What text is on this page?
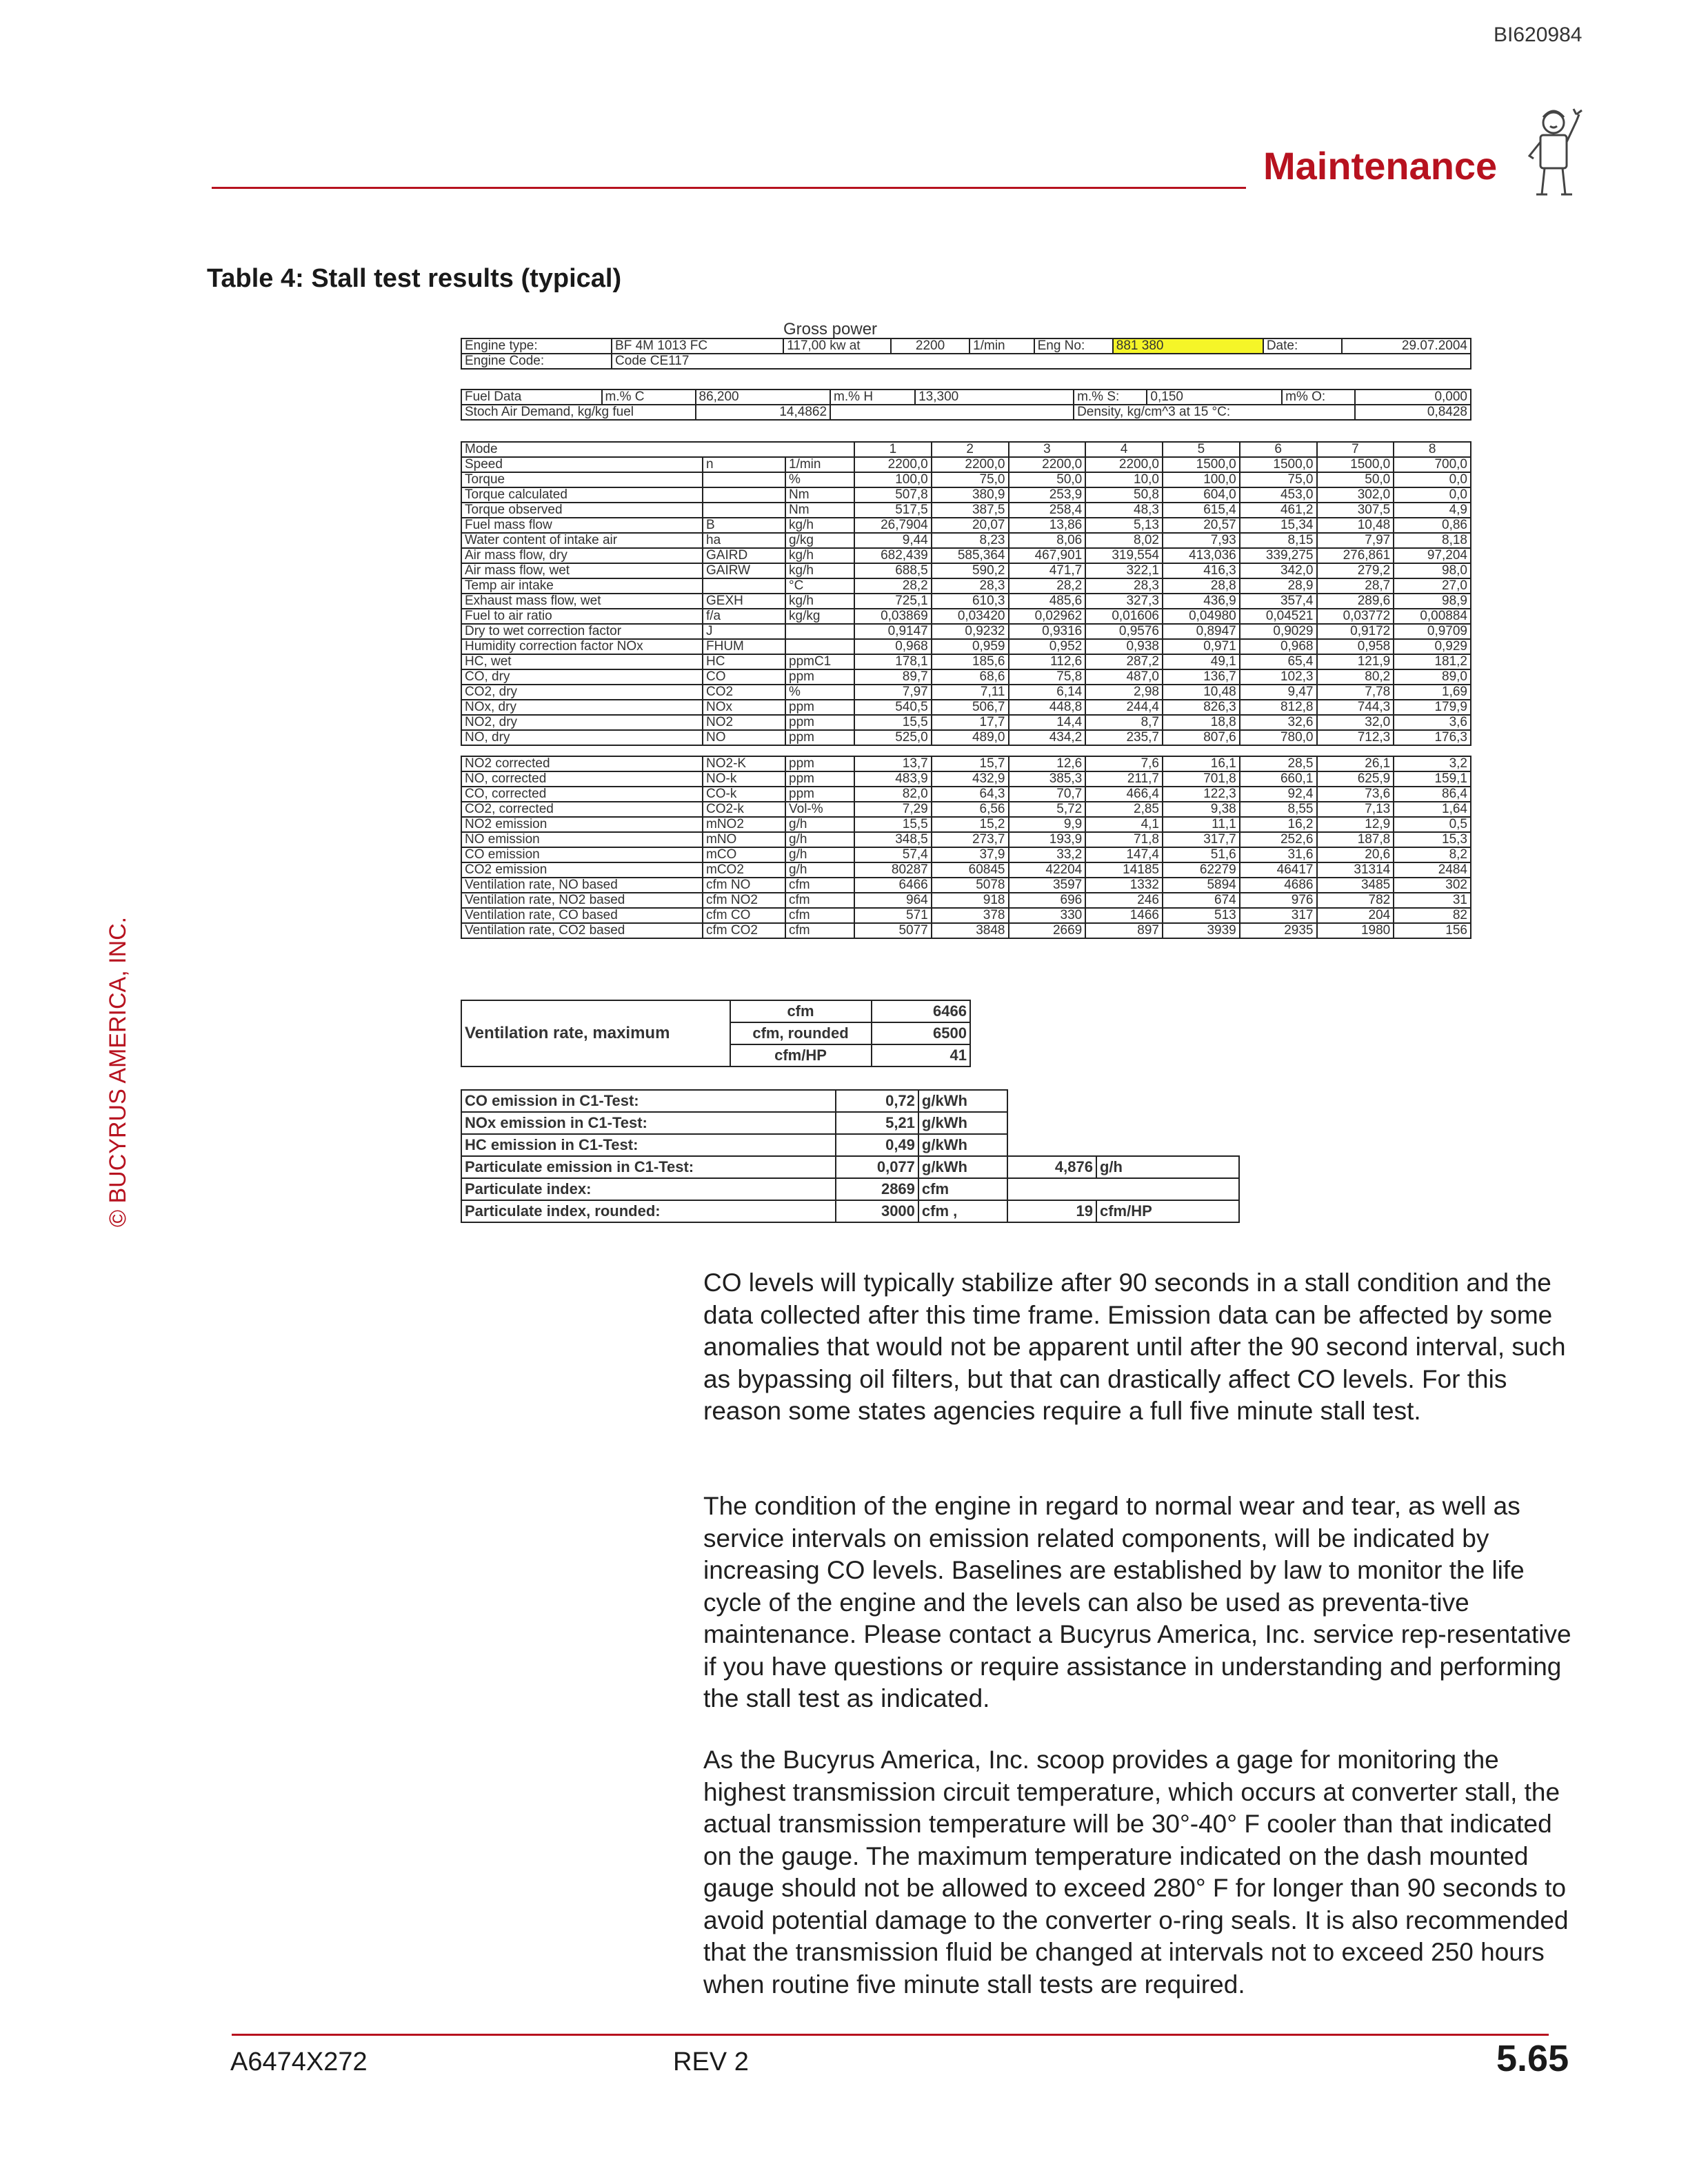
BI620984
Maintenance
Table 4: Stall test results (typical)
© BUCYRUS AMERICA, INC.
Gross power
Engine type:	BF 4M 1013 FC	117,00 kw at	2200	1/min	Eng No:	881 380	Date:	29.07.2004
Engine Code:	Code CE117							
Fuel Data	m.% C	86,200	m.% H	13,300	m.% S:	0,150	m% O:	0,000
Stoch Air Demand, kg/kg fuel		14,4862			Density, kg/cm^3 at 15 °C:			0,8428
Mode			1	2	3	4	5	6	7	8
Speed	n	1/min	2200,0	2200,0	2200,0	2200,0	1500,0	1500,0	1500,0	700,0
Torque		%	100,0	75,0	50,0	10,0	100,0	75,0	50,0	0,0
Torque calculated		Nm	507,8	380,9	253,9	50,8	604,0	453,0	302,0	0,0
Torque observed		Nm	517,5	387,5	258,4	48,3	615,4	461,2	307,5	4,9
Fuel mass flow	B	kg/h	26,7904	20,07	13,86	5,13	20,57	15,34	10,48	0,86
Water content of intake air	ha	g/kg	9,44	8,23	8,06	8,02	7,93	8,15	7,97	8,18
Air mass flow, dry	GAIRD	kg/h	682,439	585,364	467,901	319,554	413,036	339,275	276,861	97,204
Air mass flow, wet	GAIRW	kg/h	688,5	590,2	471,7	322,1	416,3	342,0	279,2	98,0
Temp air intake		°C	28,2	28,3	28,2	28,3	28,8	28,9	28,7	27,0
Exhaust mass flow, wet	GEXH	kg/h	725,1	610,3	485,6	327,3	436,9	357,4	289,6	98,9
Fuel to air ratio	f/a	kg/kg	0,03869	0,03420	0,02962	0,01606	0,04980	0,04521	0,03772	0,00884
Dry to wet correction factor	J		0,9147	0,9232	0,9316	0,9576	0,8947	0,9029	0,9172	0,9709
Humidity correction factor NOx	FHUM		0,968	0,959	0,952	0,938	0,971	0,968	0,958	0,929
HC, wet	HC	ppmC1	178,1	185,6	112,6	287,2	49,1	65,4	121,9	181,2
CO, dry	CO	ppm	89,7	68,6	75,8	487,0	136,7	102,3	80,2	89,0
CO2, dry	CO2	%	7,97	7,11	6,14	2,98	10,48	9,47	7,78	1,69
NOx, dry	NOx	ppm	540,5	506,7	448,8	244,4	826,3	812,8	744,3	179,9
NO2, dry	NO2	ppm	15,5	17,7	14,4	8,7	18,8	32,6	32,0	3,6
NO, dry	NO	ppm	525,0	489,0	434,2	235,7	807,6	780,0	712,3	176,3

NO2 corrected	NO2-K	ppm	13,7	15,7	12,6	7,6	16,1	28,5	26,1	3,2
NO, corrected	NO-k	ppm	483,9	432,9	385,3	211,7	701,8	660,1	625,9	159,1
CO, corrected	CO-k	ppm	82,0	64,3	70,7	466,4	122,3	92,4	73,6	86,4
CO2, corrected	CO2-k	Vol-%	7,29	6,56	5,72	2,85	9,38	8,55	7,13	1,64
NO2 emission	mNO2	g/h	15,5	15,2	9,9	4,1	11,1	16,2	12,9	0,5
NO emission	mNO	g/h	348,5	273,7	193,9	71,8	317,7	252,6	187,8	15,3
CO emission	mCO	g/h	57,4	37,9	33,2	147,4	51,6	31,6	20,6	8,2
CO2 emission	mCO2	g/h	80287	60845	42204	14185	62279	46417	31314	2484
Ventilation rate, NO based	cfm NO	cfm	6466	5078	3597	1332	5894	4686	3485	302
Ventilation rate, NO2 based	cfm NO2	cfm	964	918	696	246	674	976	782	31
Ventilation rate, CO based	cfm CO	cfm	571	378	330	1466	513	317	204	82
Ventilation rate, CO2 based	cfm CO2	cfm	5077	3848	2669	897	3939	2935	1980	156
Ventilation rate, maximum	cfm	6466
	cfm, rounded	6500
	cfm/HP	41
CO emission in C1-Test:	0,72	g/kWh		
NOx emission in C1-Test:	5,21	g/kWh		
HC emission in C1-Test:	0,49	g/kWh		
Particulate emission in C1-Test:	0,077	g/kWh	4,876	g/h
Particulate index:	2869	cfm		
Particulate index, rounded:	3000	cfm ,	19	cfm/HP
CO levels will typically stabilize after 90 seconds in a stall condition and the data collected after this time frame. Emission data can be affected by some anomalies that would not be apparent until after the 90 second interval, such as bypassing oil filters, but that can drastically affect CO levels. For this reason some states agencies require a full five minute stall test.
The condition of the engine in regard to normal wear and tear, as well as service intervals on emission related components, will be indicated by increasing CO levels. Baselines are established by law to monitor the life cycle of the engine and the levels can also be used as preventa-tive maintenance. Please contact a Bucyrus America, Inc. service rep-resentative if you have questions or require assistance in understanding and performing the stall test as indicated.
As the Bucyrus America, Inc. scoop provides a gage for monitoring the highest transmission circuit temperature, which occurs at converter stall, the actual transmission temperature will be 30°-40° F cooler than that indicated on the gauge. The maximum temperature indicated on the dash mounted gauge should not be allowed to exceed 280° F for longer than 90 seconds to avoid potential damage to the converter o-ring seals. It is also recommended that the transmission fluid be changed at intervals not to exceed 250 hours when routine five minute stall tests are required.
A6474X272	REV 2	5.65
